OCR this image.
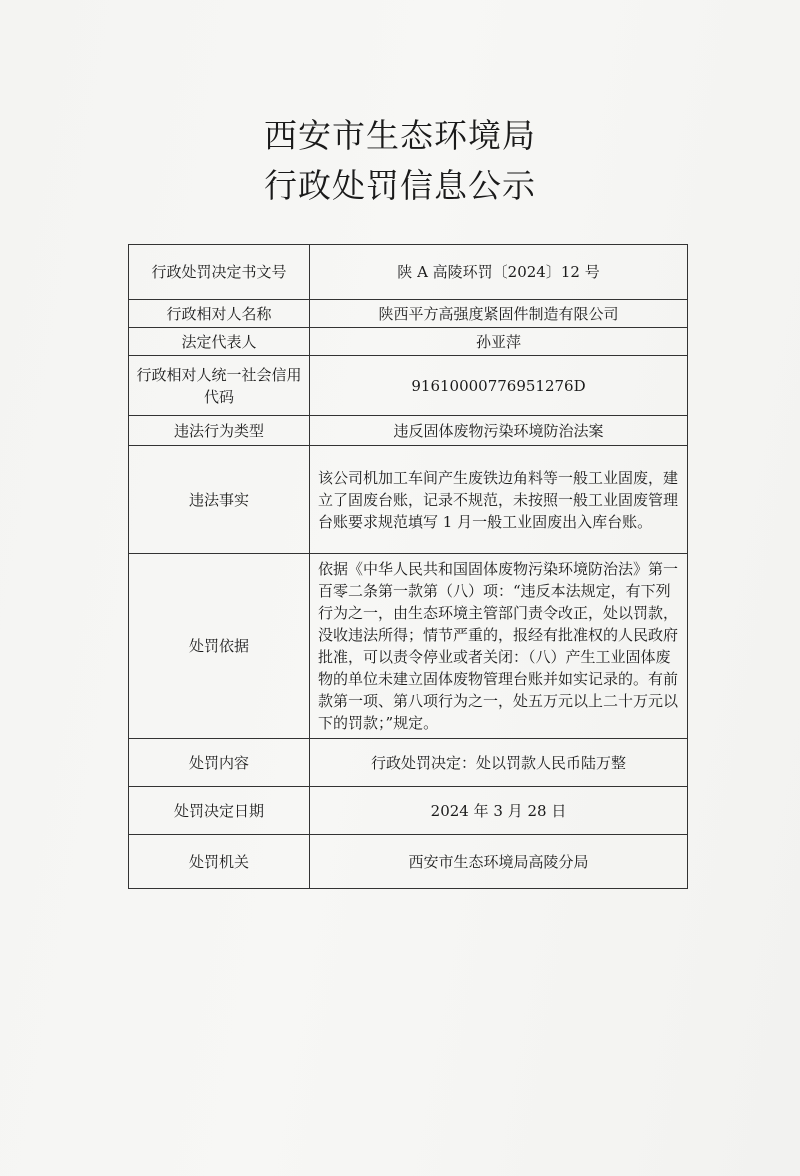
西安市生态环境局
行政处罚信息公示
行政处罚决定书文号	陕 A 高陵环罚〔2024〕12 号
行政相对人名称	陕西平方高强度紧固件制造有限公司
法定代表人	孙亚萍
行政相对人统一社会信用代码	91610000776951276D
违法行为类型	违反固体废物污染环境防治法案
违法事实	该公司机加工车间产生废铁边角料等一般工业固废，建立了固废台账，记录不规范，未按照一般工业固废管理台账要求规范填写 1 月一般工业固废出入库台账。
处罚依据	依据《中华人民共和国固体废物污染环境防治法》第一百零二条第一款第（八）项：“违反本法规定，有下列行为之一，由生态环境主管部门责令改正，处以罚款，没收违法所得；情节严重的，报经有批准权的人民政府批准，可以责令停业或者关闭：（八）产生工业固体废物的单位未建立固体废物管理台账并如实记录的。有前款第一项、第八项行为之一，处五万元以上二十万元以下的罚款；”规定。
处罚内容	行政处罚决定：处以罚款人民币陆万整
处罚决定日期	2024 年 3 月 28 日
处罚机关	西安市生态环境局高陵分局
